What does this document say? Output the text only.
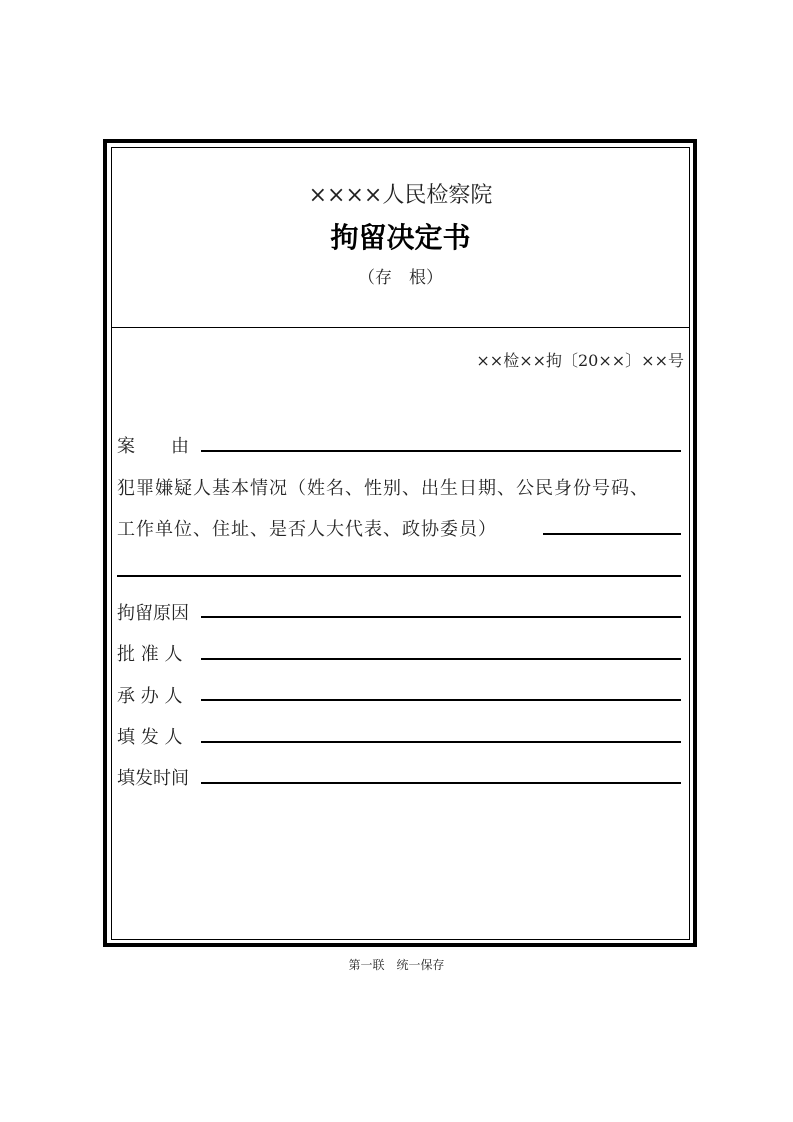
××××人民检察院
拘留决定书
（存　根）
××检××拘〔20××〕××号
案　　由
犯罪嫌疑人基本情况（姓名、性别、出生日期、公民身份号码、
工作单位、住址、是否人大代表、政协委员）
拘留原因
批 准 人
承 办 人
填 发 人
填发时间
第一联　统一保存
